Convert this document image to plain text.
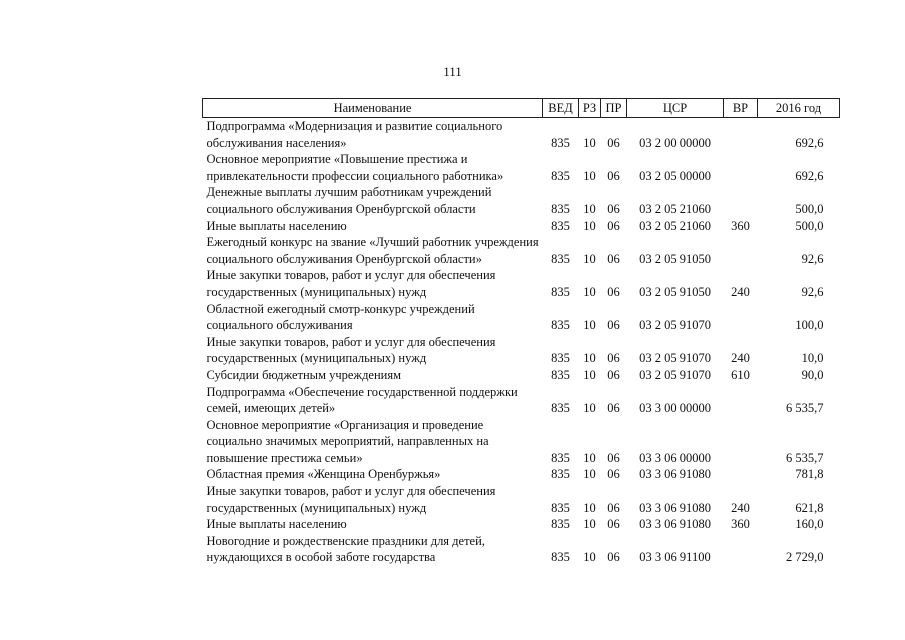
111
Наименование	ВЕД	РЗ	ПР	ЦСР	ВР	2016 год
Подпрограмма «Модернизация и развитие социального обслуживания населения»	835	10	06	03 2 00 00000		692,6
Основное мероприятие «Повышение престижа и привлекательности профессии социального работника»	835	10	06	03 2 05 00000		692,6
Денежные выплаты лучшим работникам учреждений социального обслуживания Оренбургской области	835	10	06	03 2 05 21060		500,0
Иные выплаты населению	835	10	06	03 2 05 21060	360	500,0
Ежегодный конкурс на звание «Лучший работник учреждения социального обслуживания Оренбургской области»	835	10	06	03 2 05 91050		92,6
Иные закупки товаров, работ и услуг для обеспечения государственных (муниципальных) нужд	835	10	06	03 2 05 91050	240	92,6
Областной ежегодный смотр-конкурс учреждений социального обслуживания	835	10	06	03 2 05 91070		100,0
Иные закупки товаров, работ и услуг для обеспечения государственных (муниципальных) нужд	835	10	06	03 2 05 91070	240	10,0
Субсидии бюджетным учреждениям	835	10	06	03 2 05 91070	610	90,0
Подпрограмма «Обеспечение государственной поддержки семей, имеющих детей»	835	10	06	03 3 00 00000		6 535,7
Основное мероприятие «Организация и проведение социально значимых мероприятий, направленных на повышение престижа семьи»	835	10	06	03 3 06 00000		6 535,7
Областная премия «Женщина Оренбуржья»	835	10	06	03 3 06 91080		781,8
Иные закупки товаров, работ и услуг для обеспечения государственных (муниципальных) нужд	835	10	06	03 3 06 91080	240	621,8
Иные выплаты населению	835	10	06	03 3 06 91080	360	160,0
Новогодние и рождественские праздники для детей, нуждающихся в особой заботе государства	835	10	06	03 3 06 91100		2 729,0
